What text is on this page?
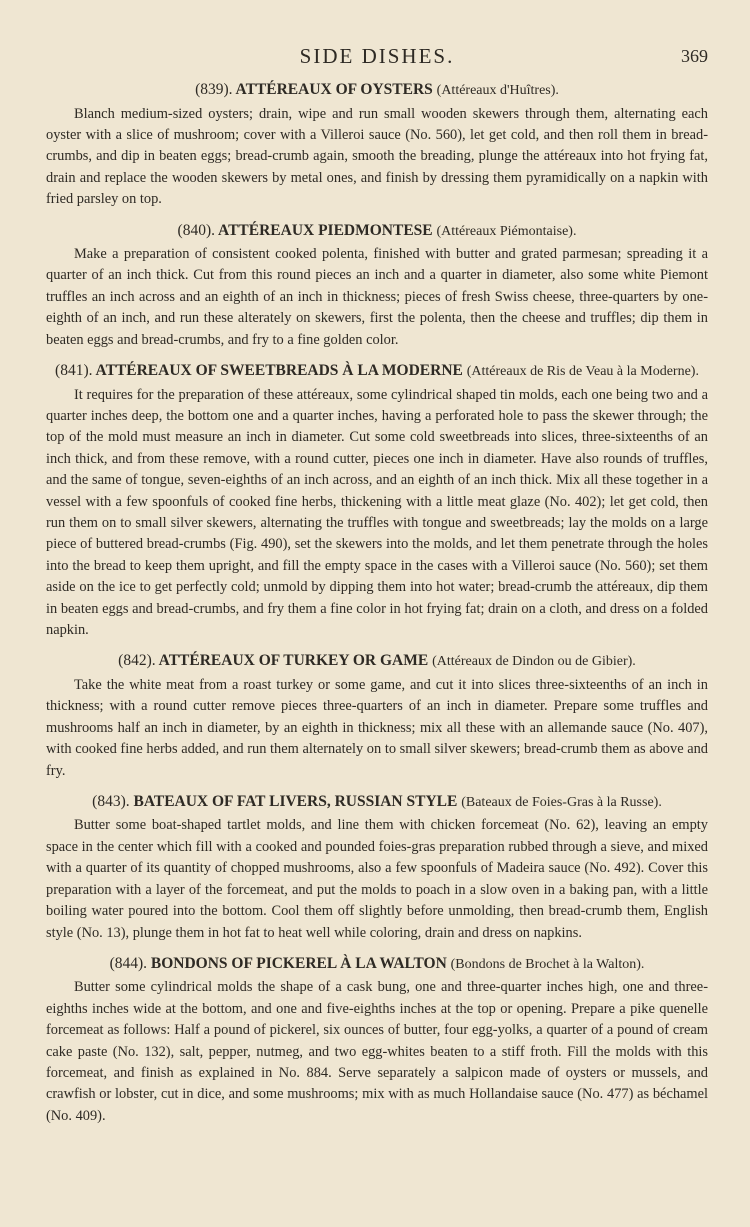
SIDE DISHES.	369

(839). ATTÉREAUX OF OYSTERS (Attéreaux d'Huîtres).

Blanch medium-sized oysters; drain, wipe and run small wooden skewers through them, alternating each oyster with a slice of mushroom; cover with a Villeroi sauce (No. 560), let get cold, and then roll them in bread-crumbs, and dip in beaten eggs; bread-crumb again, smooth the breading, plunge the attéreaux into hot frying fat, drain and replace the wooden skewers by metal ones, and finish by dressing them pyramidically on a napkin with fried parsley on top.

(840). ATTÉREAUX PIEDMONTESE (Attéreaux Piémontaise).

Make a preparation of consistent cooked polenta, finished with butter and grated parmesan; spreading it a quarter of an inch thick. Cut from this round pieces an inch and a quarter in diameter, also some white Piemont truffles an inch across and an eighth of an inch in thickness; pieces of fresh Swiss cheese, three-quarters by one-eighth of an inch, and run these alterately on skewers, first the polenta, then the cheese and truffles; dip them in beaten eggs and bread-crumbs, and fry to a fine golden color.

(841). ATTÉREAUX OF SWEETBREADS À LA MODERNE (Attéreaux de Ris de Veau à la Moderne).

It requires for the preparation of these attéreaux, some cylindrical shaped tin molds, each one being two and a quarter inches deep, the bottom one and a quarter inches, having a perforated hole to pass the skewer through; the top of the mold must measure an inch in diameter. Cut some cold sweetbreads into slices, three-sixteenths of an inch thick, and from these remove, with a round cutter, pieces one inch in diameter. Have also rounds of truffles, and the same of tongue, seven-eighths of an inch across, and an eighth of an inch thick. Mix all these together in a vessel with a few spoonfuls of cooked fine herbs, thickening with a little meat glaze (No. 402); let get cold, then run them on to small silver skewers, alternating the truffles with tongue and sweetbreads; lay the molds on a large piece of buttered bread-crumbs (Fig. 490), set the skewers into the molds, and let them penetrate through the holes into the bread to keep them upright, and fill the empty space in the cases with a Villeroi sauce (No. 560); set them aside on the ice to get perfectly cold; unmold by dipping them into hot water; bread-crumb the attéreaux, dip them in beaten eggs and bread-crumbs, and fry them a fine color in hot frying fat; drain on a cloth, and dress on a folded napkin.

(842). ATTÉREAUX OF TURKEY OR GAME (Attéreaux de Dindon ou de Gibier).

Take the white meat from a roast turkey or some game, and cut it into slices three-sixteenths of an inch in thickness; with a round cutter remove pieces three-quarters of an inch in diameter. Prepare some truffles and mushrooms half an inch in diameter, by an eighth in thickness; mix all these with an allemande sauce (No. 407), with cooked fine herbs added, and run them alternately on to small silver skewers; bread-crumb them as above and fry.

(843). BATEAUX OF FAT LIVERS, RUSSIAN STYLE (Bateaux de Foies-Gras à la Russe).

Butter some boat-shaped tartlet molds, and line them with chicken forcemeat (No. 62), leaving an empty space in the center which fill with a cooked and pounded foies-gras preparation rubbed through a sieve, and mixed with a quarter of its quantity of chopped mushrooms, also a few spoonfuls of Madeira sauce (No. 492). Cover this preparation with a layer of the forcemeat, and put the molds to poach in a slow oven in a baking pan, with a little boiling water poured into the bottom. Cool them off slightly before unmolding, then bread-crumb them, English style (No. 13), plunge them in hot fat to heat well while coloring, drain and dress on napkins.

(844). BONDONS OF PICKEREL À LA WALTON (Bondons de Brochet à la Walton).

Butter some cylindrical molds the shape of a cask bung, one and three-quarter inches high, one and three-eighths inches wide at the bottom, and one and five-eighths inches at the top or opening. Prepare a pike quenelle forcemeat as follows: Half a pound of pickerel, six ounces of butter, four egg-yolks, a quarter of a pound of cream cake paste (No. 132), salt, pepper, nutmeg, and two egg-whites beaten to a stiff froth. Fill the molds with this forcemeat, and finish as explained in No. 884. Serve separately a salpicon made of oysters or mussels, and crawfish or lobster, cut in dice, and some mushrooms; mix with as much Hollandaise sauce (No. 477) as béchamel (No. 409).
